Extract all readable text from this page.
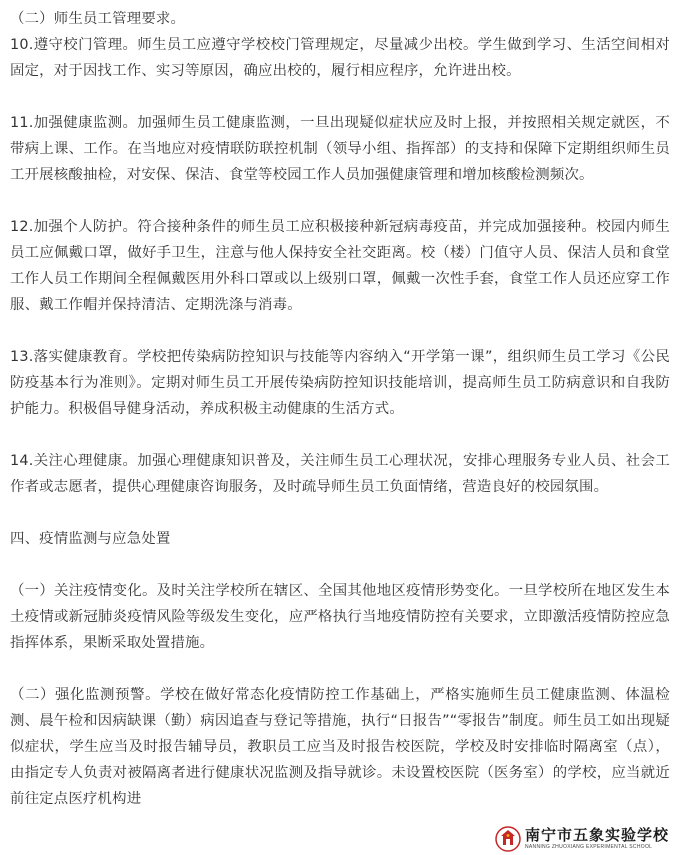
（二）师生员工管理要求。

10.遵守校门管理。师生员工应遵守学校校门管理规定，尽量减少出校。学生做到学习、生活空间相对固定，对于因找工作、实习等原因，确应出校的，履行相应程序，允许进出校。

11.加强健康监测。加强师生员工健康监测，一旦出现疑似症状应及时上报，并按照相关规定就医，不带病上课、工作。在当地应对疫情联防联控机制（领导小组、指挥部）的支持和保障下定期组织师生员工开展核酸抽检，对安保、保洁、食堂等校园工作人员加强健康管理和增加核酸检测频次。

12.加强个人防护。符合接种条件的师生员工应积极接种新冠病毒疫苗，并完成加强接种。校园内师生员工应佩戴口罩，做好手卫生，注意与他人保持安全社交距离。校（楼）门值守人员、保洁人员和食堂工作人员工作期间全程佩戴医用外科口罩或以上级别口罩，佩戴一次性手套，食堂工作人员还应穿工作服、戴工作帽并保持清洁、定期洗涤与消毒。

13.落实健康教育。学校把传染病防控知识与技能等内容纳入“开学第一课”，组织师生员工学习《公民防疫基本行为准则》。定期对师生员工开展传染病防控知识技能培训，提高师生员工防病意识和自我防护能力。积极倡导健身活动，养成积极主动健康的生活方式。

14.关注心理健康。加强心理健康知识普及，关注师生员工心理状况，安排心理服务专业人员、社会工作者或志愿者，提供心理健康咨询服务，及时疏导师生员工负面情绪，营造良好的校园氛围。

四、疫情监测与应急处置

（一）关注疫情变化。及时关注学校所在辖区、全国其他地区疫情形势变化。一旦学校所在地区发生本土疫情或新冠肺炎疫情风险等级发生变化，应严格执行当地疫情防控有关要求，立即激活疫情防控应急指挥体系，果断采取处置措施。

（二）强化监测预警。学校在做好常态化疫情防控工作基础上，严格实施师生员工健康监测、体温检测、晨午检和因病缺课（勤）病因追查与登记等措施，执行“日报告”“零报告”制度。师生员工如出现疑似症状，学生应当及时报告辅导员，教职员工应当及时报告校医院，学校及时安排临时隔离室（点），由指定专人负责对被隔离者进行健康状况监测及指导就诊。未设置校医院（医务室）的学校，应当就近前往定点医疗机构进

南宁市五象实验学校
NANNING ZHUOXIANG EXPERIMENTAL SCHOOL
